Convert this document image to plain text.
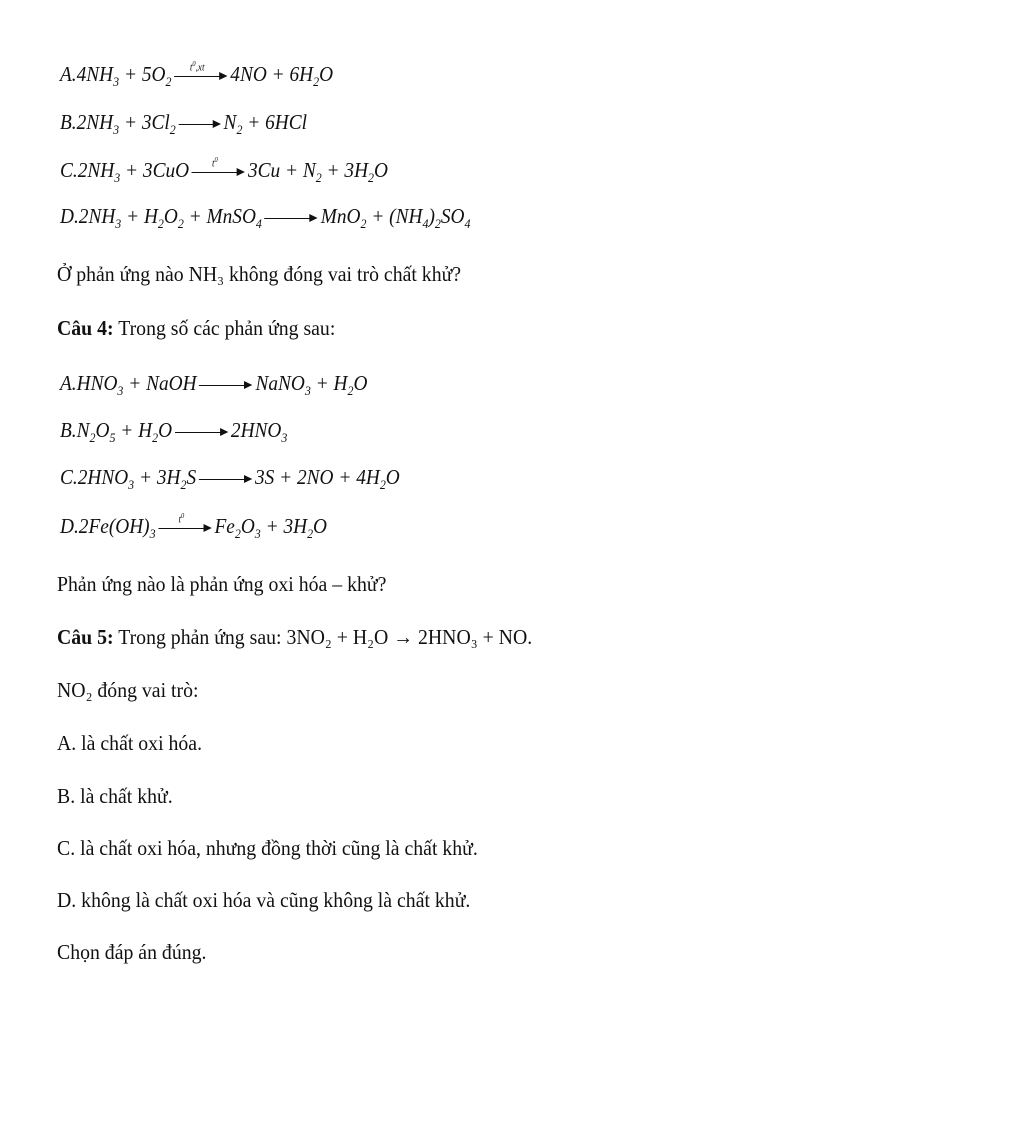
$A.4NH_3 + 5O_2$
$t^0,xt$	$4NO + 6H_2O$
$B.2NH_3 + 3Cl_2$ $N_2 + 6HCl$
$C.2NH_3 + 3CuO$	$t^0$	$3Cu + N_2 + 3H_2O$
$D.2NH_3 + H_2O_2$ + MnSO$_4$	$MnO_2 + (NH_4)_2SO_4$
Ở phản ứng nào NH₃ không đóng vai trò chất khử?
Câu 4: Trong số các phản ứng sau:
$A.HNO_3$ + NaOH	NaNO$_3$ + $H_2O$
$B.N_2O_5 + H_2O$	$2HNO_3$
$C.2HNO_3 + 3H_2S$	$3S + 2NO + 4H_2O$
$D.2Fe(OH)_3$
$t^0$	$Fe_2O_3 + 3H_2O$
Phản ứng nào là phản ứng oxi hóa – khử?
Câu 5: Trong phản ứng sau: 3NO₂ + H₂O → 2HNO₃ + NO.
NO₂ đóng vai trò:
A. là chất oxi hóa.
B. là chất khử.
C. là chất oxi hóa, nhưng đồng thời cũng là chất khử.
D. không là chất oxi hóa và cũng không là chất khử.
Chọn đáp án đúng.
